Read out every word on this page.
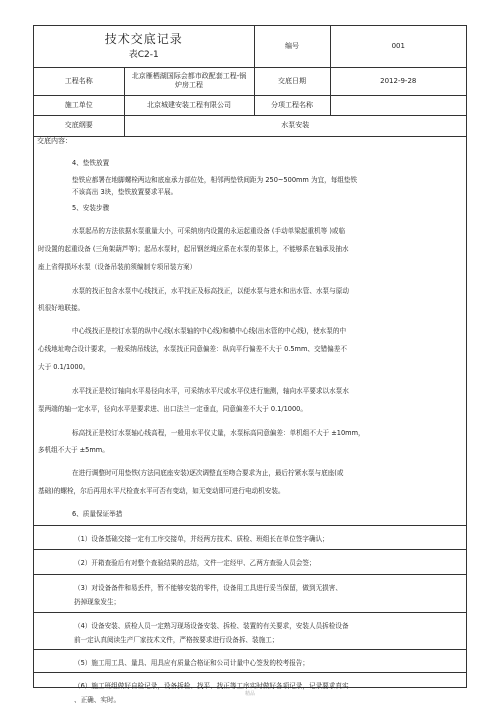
技术交底记录
表C2-1		编号	001
工程名称	北京雁栖湖国际会都市政配套工程-锅炉房工程	交底日期	2012-9-28
施工单位	北京城建安装工程有限公司	分项工程名称	
交底纲要	水泵安装		
交底内容：			

4、垫铁放置

垫铁应都署在地脚螺栓两边和底座承力部位处，相邻两垫铁间距为 250~500mm 为宜，每组垫铁

不该高出 3块，垫铁放置要求平展。

5、安装步骤

水泵起吊的方法依据水泵重量大小，可采纳房内设置的永运起重设备 (手动单梁起重机等 )或临

时设置的起重设备 (三角架葫芦等)；起吊水泵时，起吊钢丝绳应系在水泵的泵体上，不能够系在轴承及抽水

座上省得损坏水泵（设备吊装前须编制专项吊装方案）

水泵的找正包含水泵中心线找正，水平找正及标高找正，以便水泵与进水和出水管、水泵与原动

机很好地联接。

中心线找正是校订水泵的纵中心线(水泵轴的中心线)和横中心线(出水管的中心线)，使水泵的中

心线地址吻合设计要求，一般采纳吊线法，水泵找正同意偏差：纵向平行偏差不大于 0.5mm、交错偏差不

大于 0.1/1000。

水平找正是校订轴向水平易径向水平，可采纳水平尺或水平仪进行施测，轴向水平要求以水泵水

泵两端的轴一定水平，径向水平是要求进、出口法兰一定垂直，同意偏差不大于 0.1/1000。

标高找正是校订水泵轴心线高程，一般用水平仪丈量，水泵标高同意偏差：单机组不大于 ±10mm，

多机组不大于 ±5mm。

在进行调整时可用垫铁(方法同底座安装)逐次调整直至吻合要求为止，最后拧紧水泵与底座(或

基础)的螺栓，尔后再用水平尺检查水平可否有变动，如无变动即可进行电动机安装。

6、质量保证举措

（1）设备基础交接一定有工序交接单，并经两方技术、质检、班组长在单位签字确认；
（2）开箱查验后有对整个查验结果的总结，文件一定经甲、乙两方查验人员会签；
（3）对设备备件和易丢件，暂不能够安装的零件，设备用工具进行妥当保留，做到无损害、
扔掉现象发生；
（4）设备安装、质检人员一定熟习现场设备安装、拆检、装置的有关要求，安装人员拆检设备
前一定认真阅读生产厂家技术文件，严格按要求进行设备拆、装施工；
（5）施工用工具、量具、用具应有质量合格证和公司计量中心签发的校考报告；
（6）施工班组做好自检记录，设备拆检、找平、找正等工序实时做好各项记录，记录要求真实
、正确、实时。
精品
